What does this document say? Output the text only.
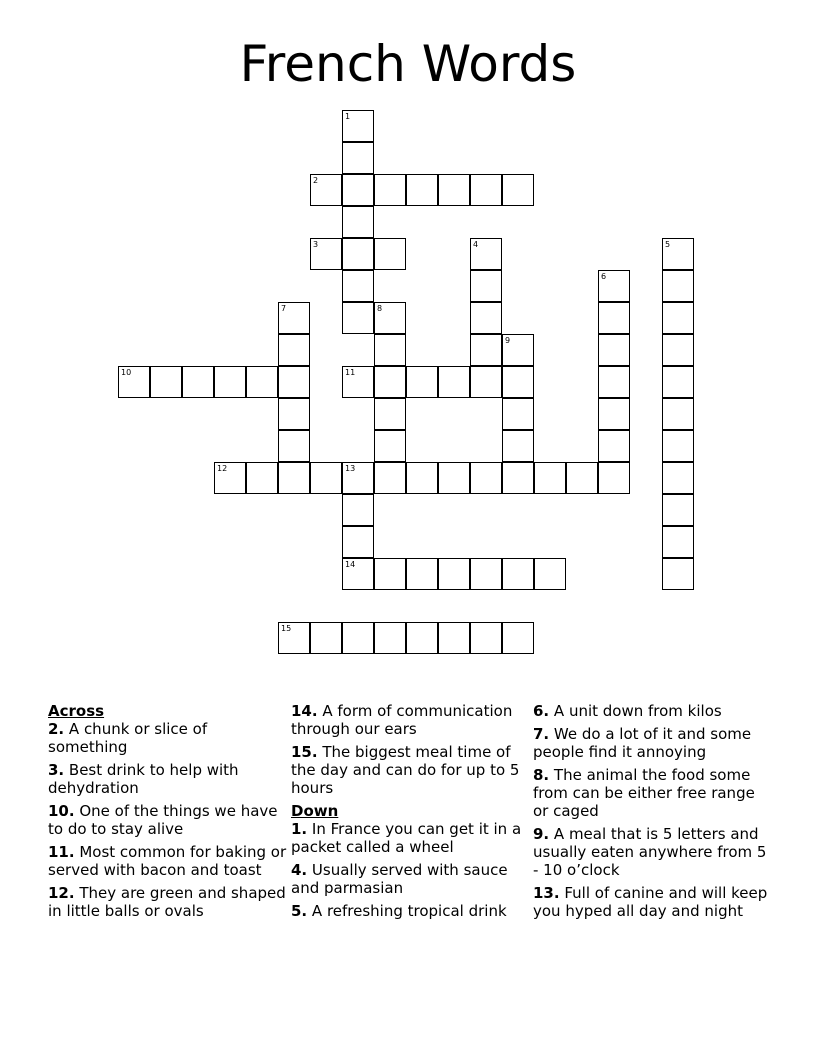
French Words
1
2
3	4	5
6
7	8
9
10	11
12	13
14
15
Across
2. A chunk or slice of something
3. Best drink to help with dehydration
10. One of the things we have to do to stay alive
11. Most common for baking or served with bacon and toast
12. They are green and shaped in little balls or ovals
14. A form of communication through our ears
15. The biggest meal time of the day and can do for up to 5 hours
Down
1. In France you can get it in a packet called a wheel
4. Usually served with sauce and parmasian
5. A refreshing tropical drink
6. A unit down from kilos
7. We do a lot of it and some people find it annoying
8. The animal the food some from can be either free range or caged
9. A meal that is 5 letters and usually eaten anywhere from 5 - 10 o’clock
13. Full of canine and will keep you hyped all day and night
